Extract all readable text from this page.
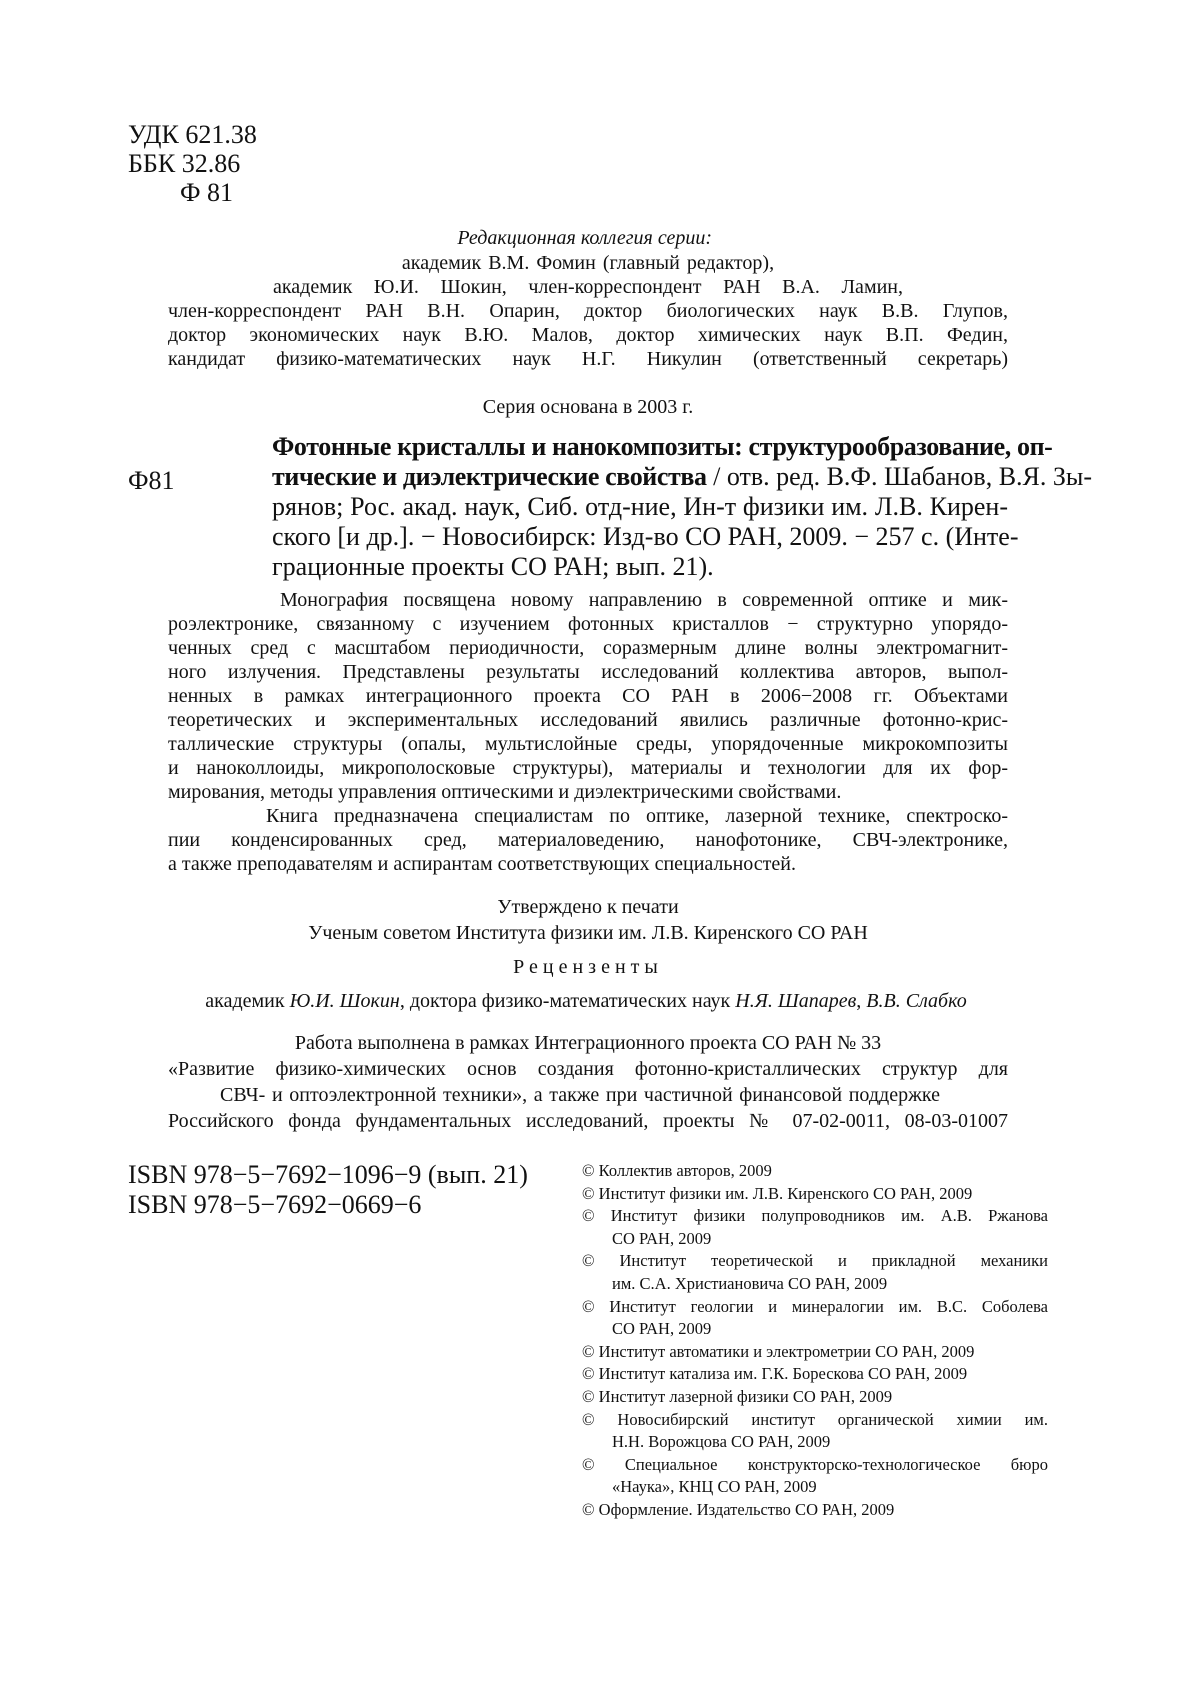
УДК 621.38
ББК 32.86
Ф 81
Редакционная коллегия серии:
академик В.М. Фомин (главный редактор),
академик Ю.И. Шокин, член-корреспондент РАН В.А. Ламин,
член-корреспондент РАН В.Н. Опарин, доктор биологических наук В.В. Глупов,
доктор экономических наук В.Ю. Малов, доктор химических наук В.П. Федин,
кандидат физико-математических наук Н.Г. Никулин (ответственный секретарь)
Серия основана в 2003 г.
Ф81
Фотонные кристаллы и нанокомпозиты: структурообразование, оп-
тические и диэлектрические свойства / отв. ред. В.Ф. Шабанов, В.Я. Зы-
рянов; Рос. акад. наук, Сиб. отд-ние, Ин-т физики им. Л.В. Кирен-
ского [и др.]. − Новосибирск: Изд-во СО РАН, 2009. − 257 с. (Инте-
грационные проекты СО РАН; вып. 21).
Монография посвящена новому направлению в современной оптике и мик-
роэлектронике, связанному с изучением фотонных кристаллов − структурно упорядо-
ченных сред с масштабом периодичности, соразмерным длине волны электромагнит-
ного излучения. Представлены результаты исследований коллектива авторов, выпол-
ненных в рамках интеграционного проекта СО РАН в 2006−2008 гг. Объектами
теоретических и экспериментальных исследований явились различные фотонно-крис-
таллические структуры (опалы, мультислойные среды, упорядоченные микрокомпозиты
и наноколлоиды, микрополосковые структуры), материалы и технологии для их фор-
мирования, методы управления оптическими и диэлектрическими свойствами.
Книга предназначена специалистам по оптике, лазерной технике, спектроско-
пии конденсированных сред, материаловедению, нанофотонике, СВЧ-электронике,
а также преподавателям и аспирантам соответствующих специальностей.
Утверждено к печати
Ученым советом Института физики им. Л.В. Киренского СО РАН
Рецензенты
академик Ю.И. Шокин, доктора физико-математических наук Н.Я. Шапарев, В.В. Слабко
Работа выполнена в рамках Интеграционного проекта СО РАН № 33
«Развитие физико-химических основ создания фотонно-кристаллических структур для
СВЧ- и оптоэлектронной техники», а также при частичной финансовой поддержке
Российского фонда фундаментальных исследований, проекты № 07-02-0011, 08-03-01007
ISBN 978−5−7692−1096−9 (вып. 21)
ISBN 978−5−7692−0669−6
© Коллектив авторов, 2009
© Институт физики им. Л.В. Киренского СО РАН, 2009
© Институт физики полупроводников им. А.В. Ржанова
СО РАН, 2009
© Институт теоретической и прикладной механики
им. С.А. Христиановича СО РАН, 2009
© Институт геологии и минералогии им. В.С. Соболева
СО РАН, 2009
© Институт автоматики и электрометрии СО РАН, 2009
© Институт катализа им. Г.К. Борескова СО РАН, 2009
© Институт лазерной физики СО РАН, 2009
© Новосибирский институт органической химии им.
Н.Н. Ворожцова СО РАН, 2009
© Специальное конструкторско-технологическое бюро
«Наука», КНЦ СО РАН, 2009
© Оформление. Издательство СО РАН, 2009
